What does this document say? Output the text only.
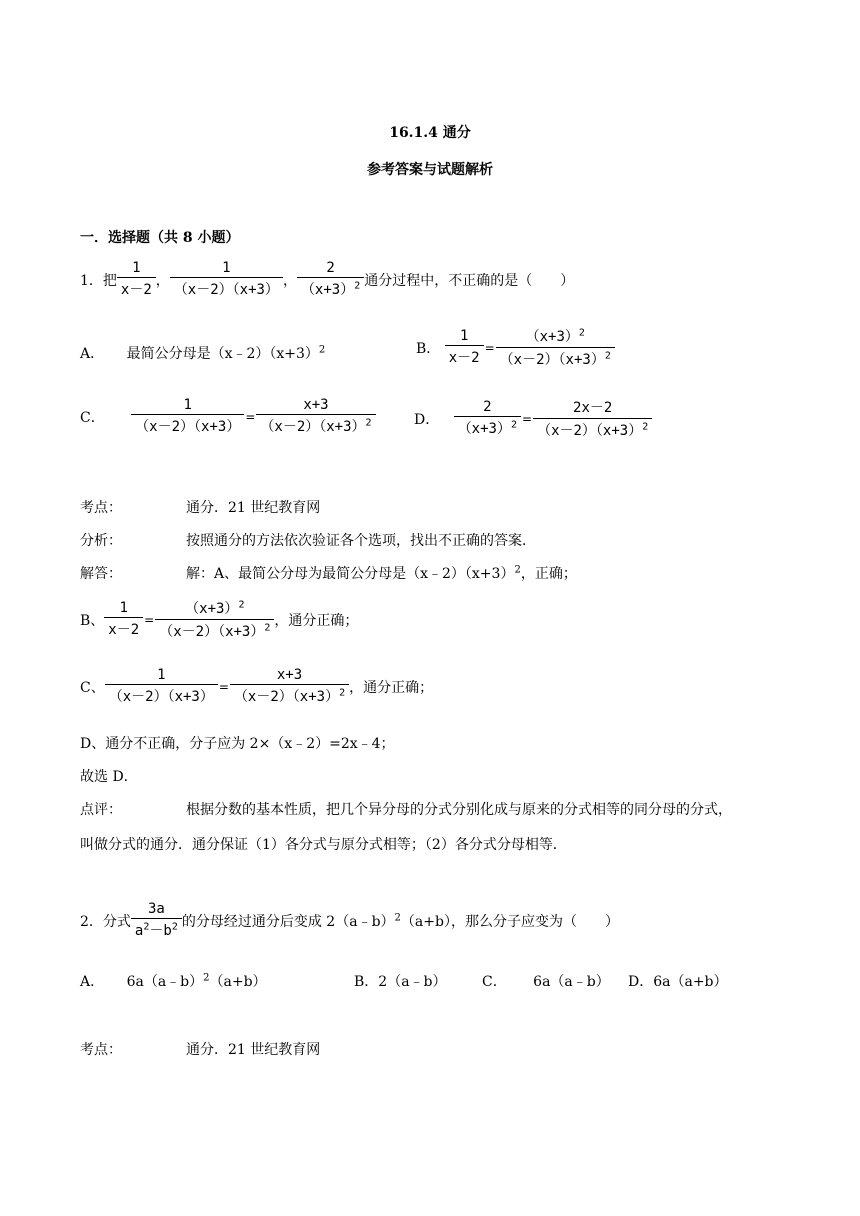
16.1.4 通分
参考答案与试题解析
一．选择题（共 8 小题）
1．把 $\frac{1}{x-2}$ ， $\frac{1}{(x-2)(x+3)}$ ， $\frac{2}{(x+3)^2}$ 通分过程中，不正确的是（　　）
A． 最简公分母是$(x﹣2)(x+3)^2$	B． $\frac{1}{x-2} = \frac{(x+3)^2}{(x-2)(x+3)^2}$
C． $\frac{1}{(x-2)(x+3)} = \frac{x+3}{(x-2)(x+3)^2}$	D． $\frac{2}{(x+3)^2} = \frac{2x-2}{(x-2)(x+3)^2}$
考点：	通分．21 世纪教育网
分析：	按照通分的方法依次验证各个选项，找出不正确的答案．
解答：	解：A、最简公分母为最简公分母是$(x﹣2)(x+3)^2$，正确；
B、 $\frac{1}{x-2} = \frac{(x+3)^2}{(x-2)(x+3)^2}$ ，通分正确；
C、 $\frac{1}{(x-2)(x+3)} = \frac{x+3}{(x-2)(x+3)^2}$ ，通分正确；
D、通分不正确，分子应为 2×（x﹣2）=2x﹣4；
故选 D．
点评：	根据分数的基本性质，把几个异分母的分式分别化成与原来的分式相等的同分母的分式，
叫做分式的通分．通分保证（1）各分式与原分式相等；（2）各分式分母相等．
2．分式 $\frac{3a}{a^2-b^2}$ 的分母经过通分后变成 2（a﹣b）$^2$（a+b），那么分子应变为（　　）
A． 6a（a﹣b）$^2$（a+b）	B．2（a﹣b）	C． 6a（a﹣b） D．6a（a+b）
考点：	通分．21 世纪教育网
